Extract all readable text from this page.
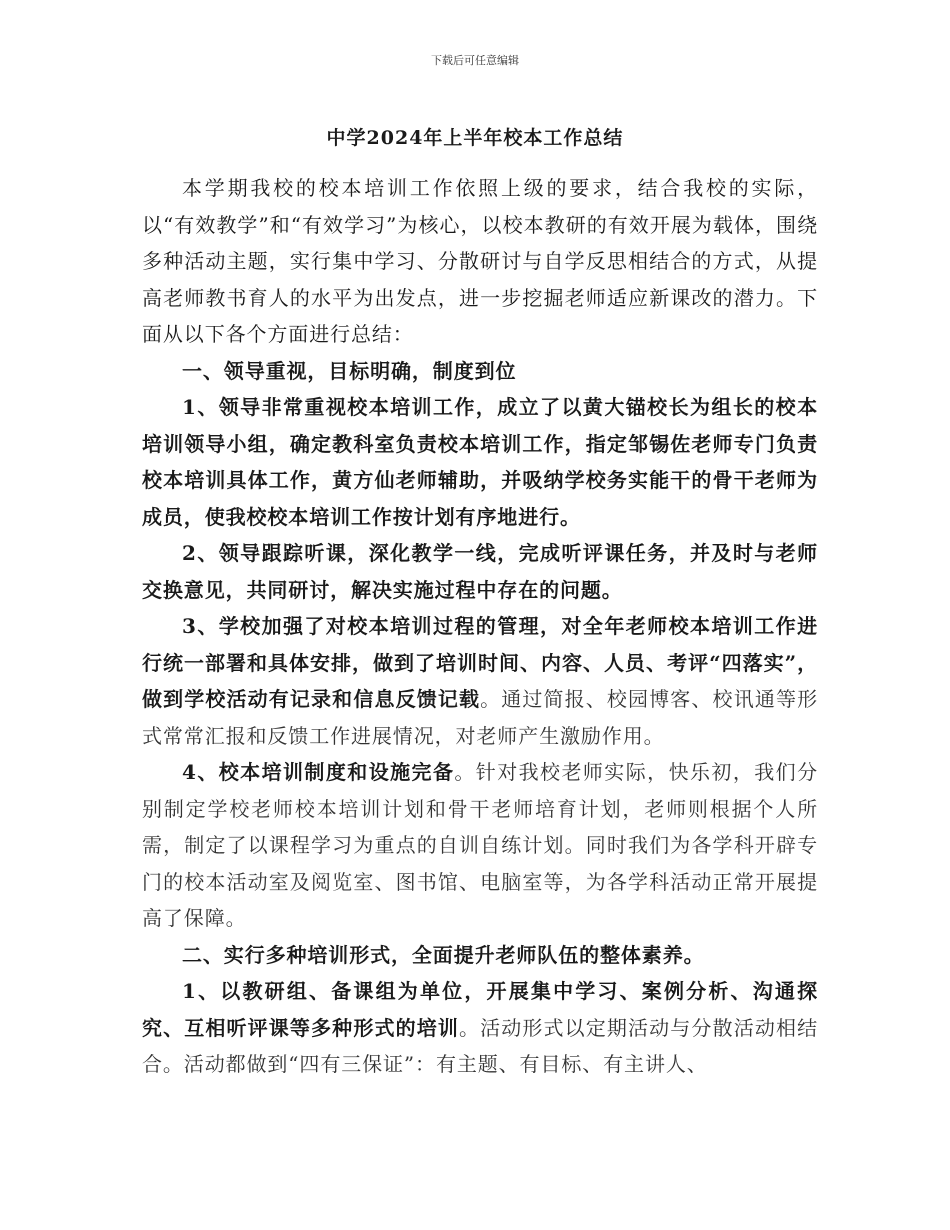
下载后可任意编辑
中学2024年上半年校本工作总结

本学期我校的校本培训工作依照上级的要求，结合我校的实际，以“有效教学”和“有效学习”为核心，以校本教研的有效开展为载体，围绕多种活动主题，实行集中学习、分散研讨与自学反思相结合的方式，从提高老师教书育人的水平为出发点，进一步挖掘老师适应新课改的潜力。下面从以下各个方面进行总结：

一、领导重视，目标明确，制度到位

1、领导非常重视校本培训工作，成立了以黄大锚校长为组长的校本培训领导小组，确定教科室负责校本培训工作，指定邹锡佐老师专门负责校本培训具体工作，黄方仙老师辅助，并吸纳学校务实能干的骨干老师为成员，使我校校本培训工作按计划有序地进行。

2、领导跟踪听课，深化教学一线，完成听评课任务，并及时与老师交换意见，共同研讨，解决实施过程中存在的问题。

3、学校加强了对校本培训过程的管理，对全年老师校本培训工作进行统一部署和具体安排，做到了培训时间、内容、人员、考评“四落实”，做到学校活动有记录和信息反馈记载。通过简报、校园博客、校讯通等形式常常汇报和反馈工作进展情况，对老师产生激励作用。

4、校本培训制度和设施完备。针对我校老师实际，快乐初，我们分别制定学校老师校本培训计划和骨干老师培育计划，老师则根据个人所需，制定了以课程学习为重点的自训自练计划。同时我们为各学科开辟专门的校本活动室及阅览室、图书馆、电脑室等，为各学科活动正常开展提高了保障。

二、实行多种培训形式，全面提升老师队伍的整体素养。

1、以教研组、备课组为单位，开展集中学习、案例分析、沟通探究、互相听评课等多种形式的培训。活动形式以定期活动与分散活动相结合。活动都做到“四有三保证”：有主题、有目标、有主讲人、
